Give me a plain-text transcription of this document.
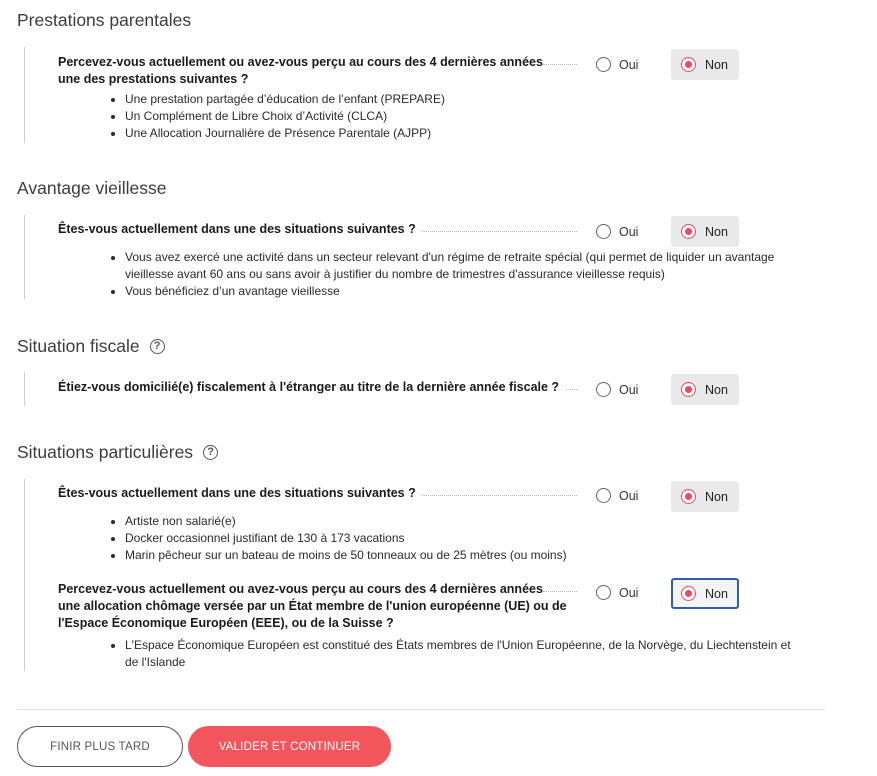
Prestations parentales
Percevez-vous actuellement ou avez-vous perçu au cours des 4 dernières années
une des prestations suivantes ?
Oui	Non
Une prestation partagée d’éducation de l’enfant (PREPARE)
Un Complément de Libre Choix d’Activité (CLCA)
Une Allocation Journalière de Présence Parentale (AJPP)
Avantage vieillesse
Êtes-vous actuellement dans une des situations suivantes ?	Oui	Non
Vous avez exercé une activité dans un secteur relevant d'un régime de retraite spécial (qui permet de liquider un avantage
vieillesse avant 60 ans ou sans avoir à justifier du nombre de trimestres d'assurance vieillesse requis)
Vous bénéficiez d’un avantage vieillesse
Situation fiscale	?
Étiez-vous domicilié(e) fiscalement à l'étranger au titre de la dernière année fiscale ?	Oui	Non
Situations particulières	?
Êtes-vous actuellement dans une des situations suivantes ?	Oui	Non
Artiste non salarié(e)
Docker occasionnel justifiant de 130 à 173 vacations
Marin pêcheur sur un bateau de moins de 50 tonneaux ou de 25 mètres (ou moins)
Percevez-vous actuellement ou avez-vous perçu au cours des 4 dernières années
une allocation chômage versée par un État membre de l'union européenne (UE) ou de
l'Espace Économique Européen (EEE), ou de la Suisse ?
Oui	Non
L'Espace Économique Européen est constitué des États membres de l'Union Européenne, de la Norvège, du Liechtenstein et
de l'Islande
FINIR PLUS TARD	VALIDER ET CONTINUER
